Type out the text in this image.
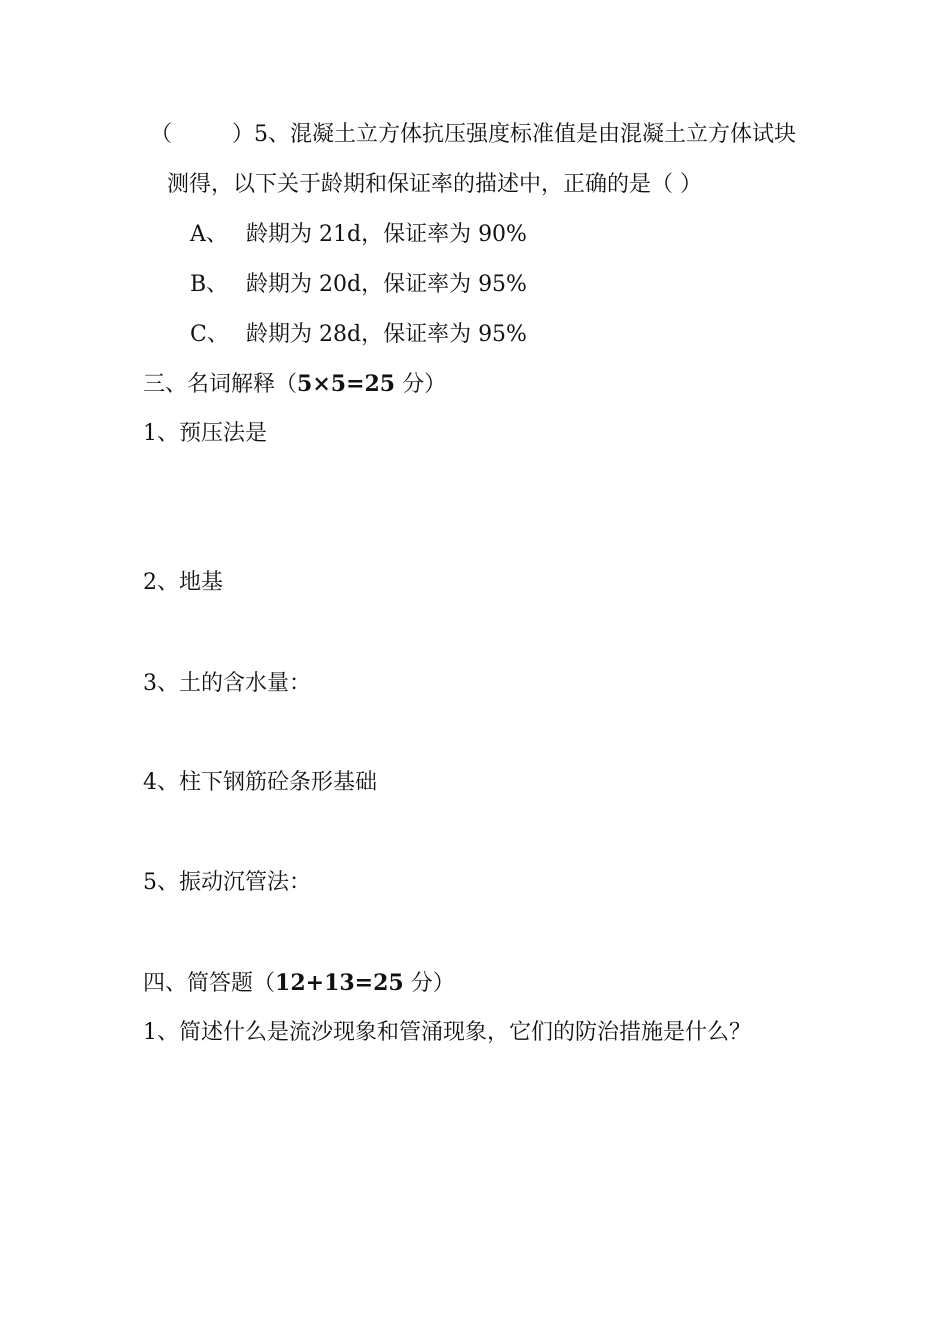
（	）5、混凝土立方体抗压强度标准值是由混凝土立方体试块
测得，以下关于龄期和保证率的描述中，正确的是（ ）
A、 龄期为 21d，保证率为 90%
B、 龄期为 20d，保证率为 95%
C、 龄期为 28d，保证率为 95%
三、名词解释（5×5=25 分）
1、预压法是
2、地基
3、土的含水量：
4、柱下钢筋砼条形基础
5、振动沉管法：
四、简答题（12+13=25 分）
1、简述什么是流沙现象和管涌现象，它们的防治措施是什么？
